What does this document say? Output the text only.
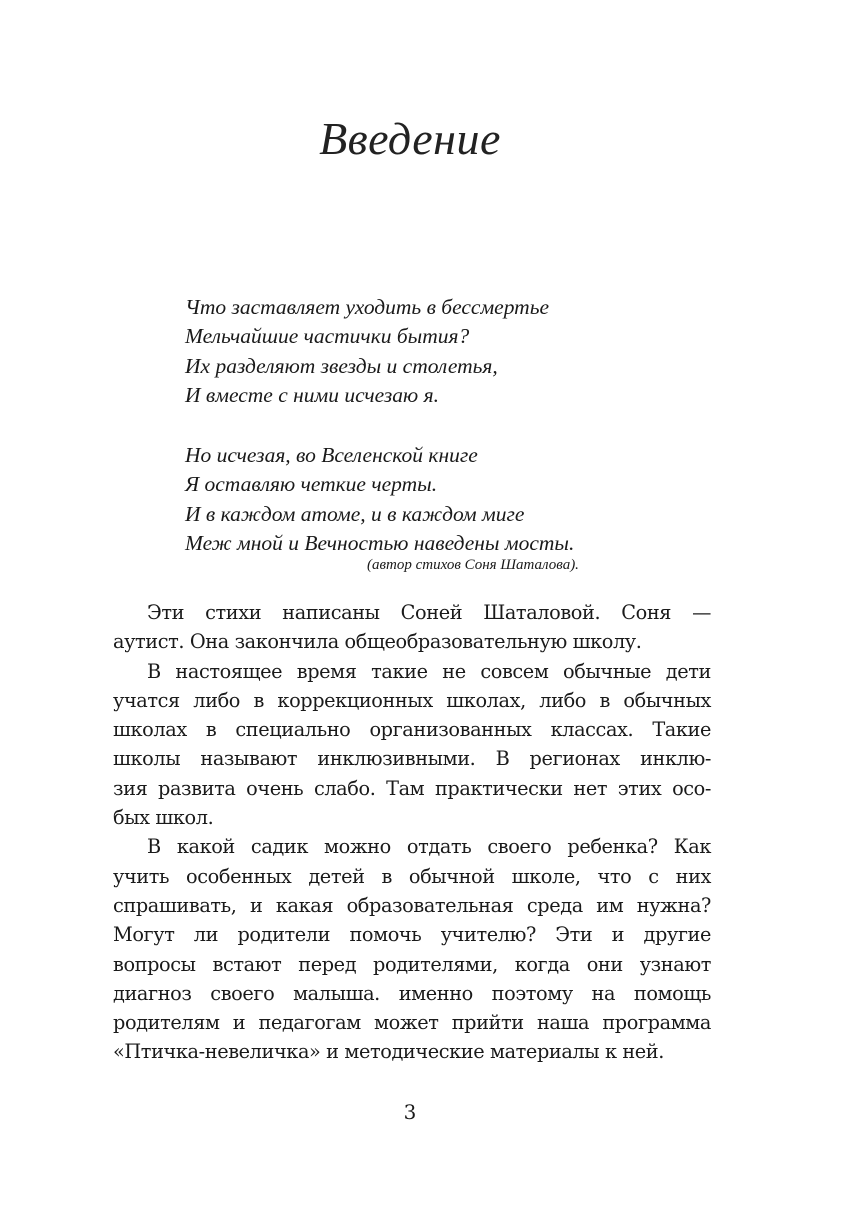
Введение
Что заставляет уходить в бессмертье
Мельчайшие частички бытия?
Их разделяют звезды и столетья,
И вместе с ними исчезаю я.
Но исчезая, во Вселенской книге
Я оставляю четкие черты.
И в каждом атоме, и в каждом миге
Меж мной и Вечностью наведены мосты.
(автор стихов Соня Шаталова).
Эти стихи написаны Соней Шаталовой. Соня —
аутист. Она закончила общеобразовательную школу.
В настоящее время такие не совсем обычные дети
учатся либо в коррекционных школах, либо в обычных
школах в специально организованных классах. Такие
школы называют инклюзивными. В регионах инклю-
зия развита очень слабо. Там практически нет этих осо-
бых школ.
В какой садик можно отдать своего ребенка? Как
учить особенных детей в обычной школе, что с них
спрашивать, и какая образовательная среда им нужна?
Могут ли родители помочь учителю? Эти и другие
вопросы встают перед родителями, когда они узнают
диагноз своего малыша. именно поэтому на помощь
родителям и педагогам может прийти наша программа
«Птичка-невеличка» и методические материалы к ней.
3
